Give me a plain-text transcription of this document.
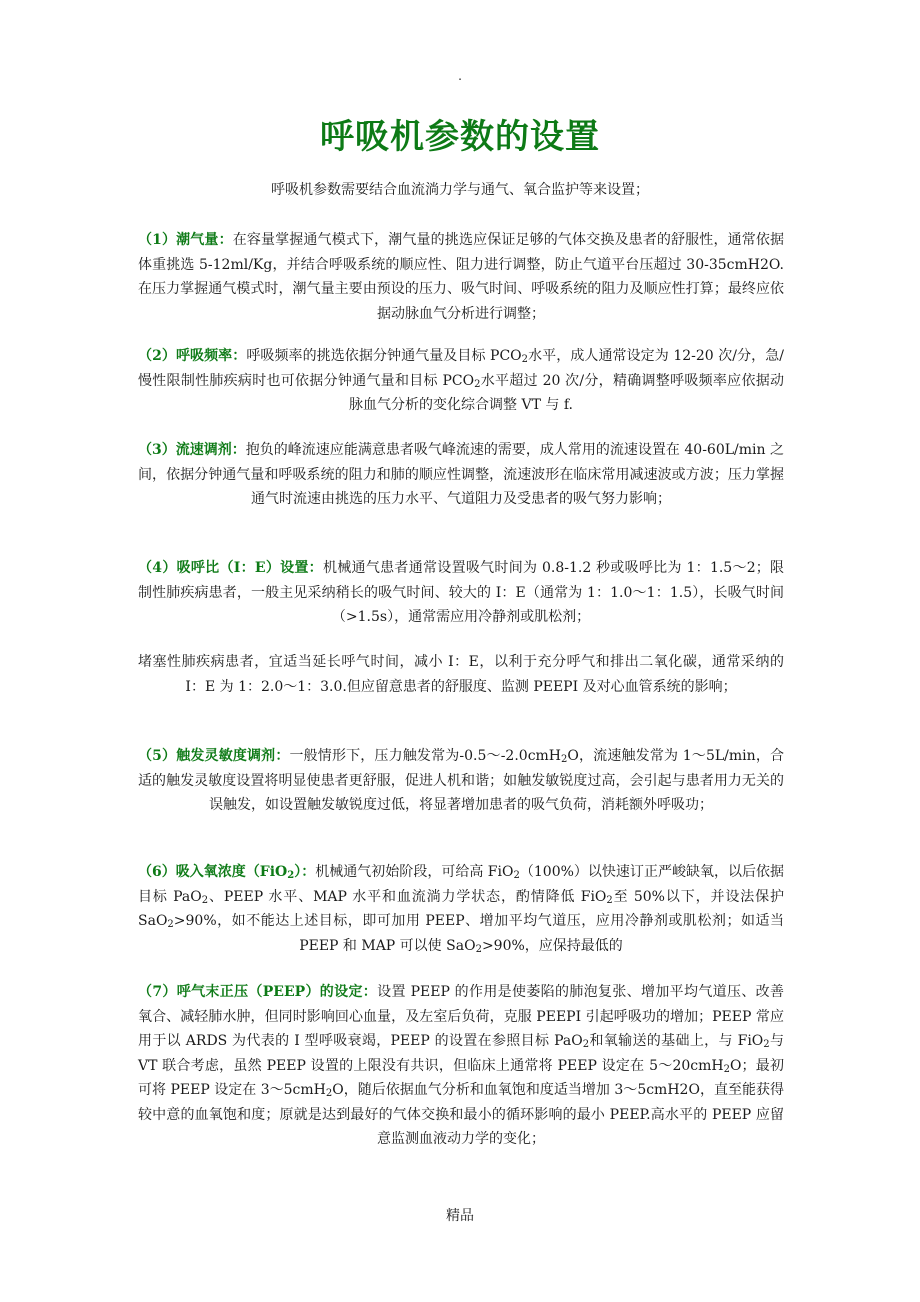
.
呼吸机参数的设置
呼吸机参数需要结合血流淌力学与通气、氧合监护等来设置；
（1）潮气量：在容量掌握通气模式下，潮气量的挑选应保证足够的气体交换及患者的舒服性，通常依据体重挑选 5-12ml/Kg，并结合呼吸系统的顺应性、阻力进行调整，防止气道平台压超过 30-35cmH2O.在压力掌握通气模式时，潮气量主要由预设的压力、吸气时间、呼吸系统的阻力及顺应性打算；最终应依据动脉血气分析进行调整；
（2）呼吸频率：呼吸频率的挑选依据分钟通气量及目标 $PCO_2$水平，成人通常设定为 12-20 次/分，急/慢性限制性肺疾病时也可依据分钟通气量和目标 $PCO_2$水平超过 20 次/分，精确调整呼吸频率应依据动脉血气分析的变化综合调整 VT 与 f.
（3）流速调剂：抱负的峰流速应能满意患者吸气峰流速的需要，成人常用的流速设置在 40-60L/min 之间，依据分钟通气量和呼吸系统的阻力和肺的顺应性调整，流速波形在临床常用减速波或方波；压力掌握通气时流速由挑选的压力水平、气道阻力及受患者的吸气努力影响；
（4）吸呼比（I：E）设置：机械通气患者通常设置吸气时间为 0.8-1.2 秒或吸呼比为 1：1.5～2；限制性肺疾病患者，一般主见采纳稍长的吸气时间、较大的 I：E（通常为 1：1.0～1：1.5），长吸气时间（>1.5s），通常需应用冷静剂或肌松剂；
堵塞性肺疾病患者，宜适当延长呼气时间，减小 I：E，以利于充分呼气和排出二氧化碳，通常采纳的 I：E 为 1：2.0～1：3.0.但应留意患者的舒服度、监测 PEEPI 及对心血管系统的影响；
（5）触发灵敏度调剂：一般情形下，压力触发常为-0.5～-2.0cmH$_2$O，流速触发常为 1～5L/min，合适的触发灵敏度设置将明显使患者更舒服，促进人机和谐；如触发敏锐度过高，会引起与患者用力无关的误触发，如设置触发敏锐度过低，将显著增加患者的吸气负荷，消耗额外呼吸功；
（6）吸入氧浓度（FiO$_2$）：机械通气初始阶段，可给高 FiO$_2$（100%）以快速订正严峻缺氧，以后依据目标 PaO$_2$、PEEP 水平、MAP 水平和血流淌力学状态，酌情降低 FiO$_2$至 50%以下，并设法保护 SaO$_2$>90%，如不能达上述目标，即可加用 PEEP、增加平均气道压，应用冷静剂或肌松剂；如适当 PEEP 和 MAP 可以使 SaO$_2$>90%，应保持最低的
（7）呼气末正压（PEEP）的设定：设置 PEEP 的作用是使萎陷的肺泡复张、增加平均气道压、改善氧合、减轻肺水肿，但同时影响回心血量，及左室后负荷，克服 PEEPI 引起呼吸功的增加；PEEP 常应用于以 ARDS 为代表的 I 型呼吸衰竭，PEEP 的设置在参照目标 PaO$_2$和氧输送的基础上，与 FiO$_2$与 VT 联合考虑，虽然 PEEP 设置的上限没有共识，但临床上通常将 PEEP 设定在 5～20cmH$_2$O；最初可将 PEEP 设定在 3～5cmH$_2$O，随后依据血气分析和血氧饱和度适当增加 3～5cmH2O，直至能获得较中意的血氧饱和度；原就是达到最好的气体交换和最小的循环影响的最小 PEEP.高水平的 PEEP 应留意监测血液动力学的变化；
精品
